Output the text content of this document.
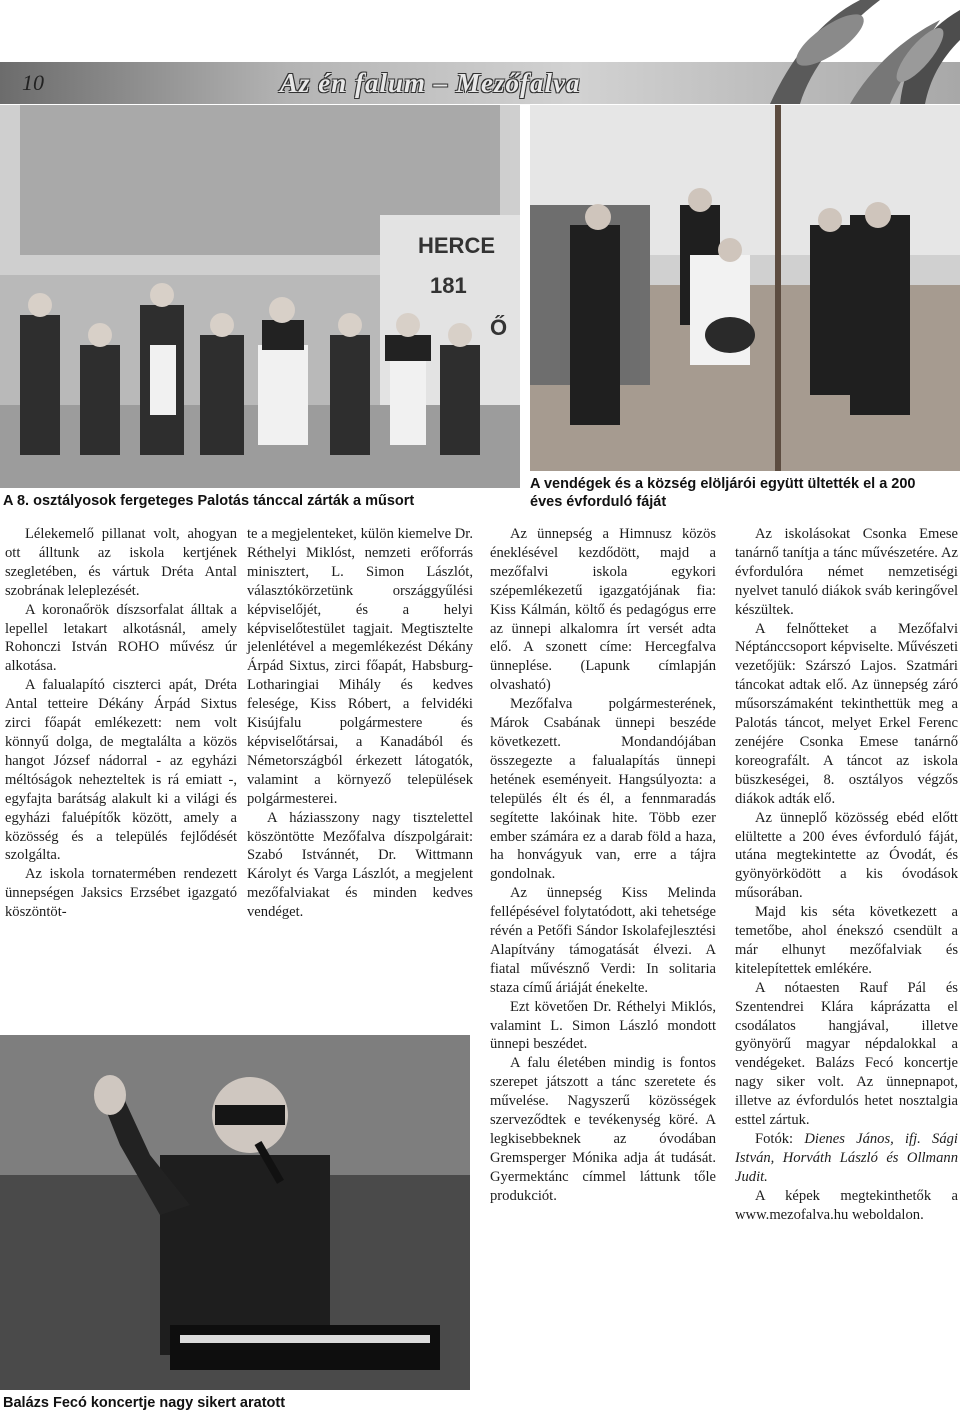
10	Az én falum – Mezőfalva
HERCE
181
Ő
A 8. osztályosok fergeteges Palotás tánccal zárták a műsort
A vendégek és a község elöljárói együtt ültették el a 200
éves évforduló fáját
Balázs Fecó koncertje nagy sikert aratott

Lélekemelő pillanat volt, ahogyan ott álltunk az iskola kertjének szegletében, és vártuk Dréta Antal szobrának leleplezését.

A koronaőrök díszsorfalat álltak a lepellel letakart alkotásnál, amely Rohonczi István ROHO művész úr alkotása.

A falualapító ciszterci apát, Dréta Antal tetteire Dékány Árpád Sixtus zirci főapát emlékezett: nem volt könnyű dolga, de megtalálta a közös hangot József nádorral - az egyházi méltóságok nehezteltek is rá emiatt -, egyfajta barátság alakult ki a világi és egyházi faluépítők között, amely a közösség és a település fejlődését szolgálta.

Az iskola tornatermében rendezett ünnepségen Jaksics Erzsébet igazgató köszöntöt-

te a megjelenteket, külön kiemelve Dr. Réthelyi Miklóst, nemzeti erőforrás minisztert, L. Simon Lászlót, választókörzetünk országgyűlési képviselőjét, és a helyi képviselőtestület tagjait. Megtisztelte jelenlétével a megemlékezést Dékány Árpád Sixtus, zirci főapát, Habsburg-Lotharingiai Mihály és kedves felesége, Kiss Róbert, a felvidéki Kisújfalu polgármestere és képviselőtársai, a Kanadából és Németországból érkezett látogatók, valamint a környező települések polgármesterei.

A háziasszony nagy tisztelettel köszöntötte Mezőfalva díszpolgárait: Szabó Istvánnét, Dr. Wittmann Károlyt és Varga Lászlót, a megjelent mezőfalviakat és minden kedves vendéget.

Az ünnepség a Himnusz közös éneklésével kezdődött, majd a mezőfalvi iskola egykori szépemlékezetű igazgatójának fia: Kiss Kálmán, költő és pedagógus erre az ünnepi alkalomra írt versét adta elő. A szonett címe: Hercegfalva ünneplése. (Lapunk címlapján olvasható)

Mezőfalva polgármesterének, Márok Csabának ünnepi beszéde következett. Mondandójában összegezte a falualapítás ünnepi hetének eseményeit. Hangsúlyozta: a település élt és él, a fennmaradás segítette lakóinak hite. Több ezer ember számára ez a darab föld a haza, ha honvágyuk van, erre a tájra gondolnak.

Az ünnepség Kiss Melinda fellépésével folytatódott, aki tehetsége révén a Petőfi Sándor Iskolafejlesztési Alapítvány támogatását élvezi. A fiatal művésznő Verdi: In solitaria staza című áriáját énekelte.

Ezt követően Dr. Réthelyi Miklós, valamint L. Simon László mondott ünnepi beszédet.

A falu életében mindig is fontos szerepet játszott a tánc szeretete és művelése. Nagyszerű közösségek szerveződtek e tevékenység köré. A legkisebbeknek az óvodában Gremsperger Mónika adja át tudását. Gyermektánc címmel láttunk tőle produkciót.

Az iskolásokat Csonka Emese tanárnő tanítja a tánc művészetére. Az évfordulóra német nemzetiségi nyelvet tanuló diákok sváb keringővel készültek.

A felnőtteket a Mezőfalvi Néptánccsoport képviselte. Művészeti vezetőjük: Szárszó Lajos. Szatmári táncokat adtak elő. Az ünnepség záró műsorszámaként tekinthettük meg a Palotás táncot, melyet Erkel Ferenc zenéjére Csonka Emese tanárnő koreografált. A táncot az iskola büszkeségei, 8. osztályos végzős diákok adták elő.

Az ünneplő közösség ebéd előtt elültette a 200 éves évforduló fáját, utána megtekintette az Óvodát, és gyönyörködött a kis óvodások műsorában.

Majd kis séta következett a temetőbe, ahol énekszó csendült a már elhunyt mezőfalviak és kitelepítettek emlékére.

A nótaesten Rauf Pál és Szentendrei Klára káprázatta el csodálatos hangjával, illetve gyönyörű magyar népdalokkal a vendégeket. Balázs Fecó koncertje nagy siker volt. Az ünnepnapot, illetve az évfordulós hetet nosztalgia esttel zártuk.

Fotók: Dienes János, ifj. Sági István, Horváth László és Ollmann Judit.

A képek megtekinthetők a www.mezofalva.hu weboldalon.
